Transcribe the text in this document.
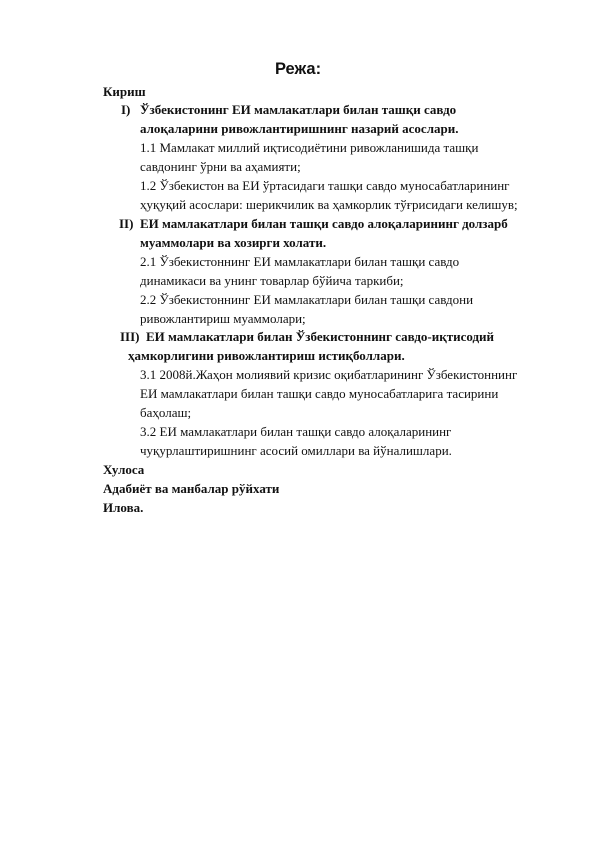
Режа:
Кириш
I) Ўзбекистонинг ЕИ мамлакатлари билан ташқи савдо
алоқаларини ривожлантиришнинг назарий асослари.
1.1 Мамлакат миллий иқтисодиётини ривожланишида ташқи
савдонинг ўрни ва аҳамияти;
1.2 Ўзбекистон ва ЕИ ўртасидаги ташқи савдо муносабатларининг
ҳуқуқий асослари: шерикчилик ва ҳамкорлик тўғрисидаги келишув;
II) ЕИ мамлакатлари билан ташқи савдо алоқаларининг долзарб
муаммолари ва хозирги холати.
2.1 Ўзбекистоннинг ЕИ мамлакатлари билан ташқи савдо
динамикаси ва унинг товарлар бўйича таркиби;
2.2 Ўзбекистоннинг ЕИ мамлакатлари билан ташқи савдони
ривожлантириш муаммолари;
III) ЕИ мамлакатлари билан Ўзбекистоннинг савдо-иқтисодий
ҳамкорлигини ривожлантириш истиқболлари.
3.1 2008й.Жаҳон молиявий кризис оқибатларининг Ўзбекистоннинг
ЕИ мамлакатлари билан ташқи савдо муносабатларига тасирини
баҳолаш;
3.2 ЕИ мамлакатлари билан ташқи савдо алоқаларининг
чуқурлаштиришнинг асосий омиллари ва йўналишлари.
Хулоса
Адабиёт ва манбалар рўйхати
Илова.
